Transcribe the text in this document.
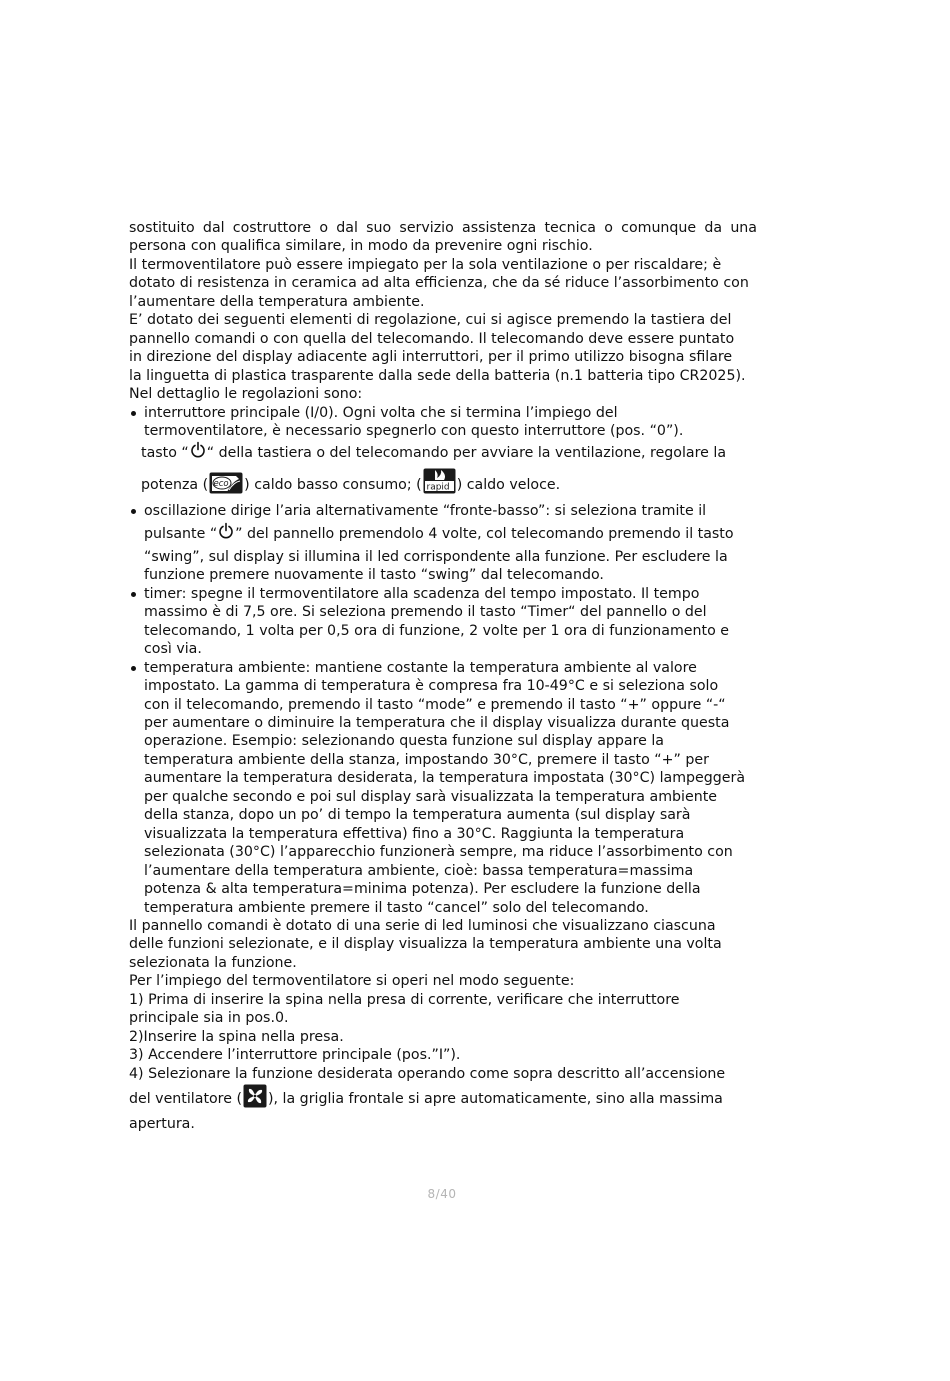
sostituito dal costruttore o dal suo servizio assistenza tecnica o comunque da una
persona con qualifica similare, in modo da prevenire ogni rischio.
Il termoventilatore può essere impiegato per la sola ventilazione o per riscaldare; è
dotato di resistenza in ceramica ad alta efficienza, che da sé riduce l’assorbimento con
l’aumentare della temperatura ambiente.
E’ dotato dei seguenti elementi di regolazione, cui si agisce premendo la tastiera del
pannello comandi o con quella del telecomando. Il telecomando deve essere puntato
in direzione del display adiacente agli interruttori, per il primo utilizzo bisogna sfilare
la linguetta di plastica trasparente dalla sede della batteria (n.1 batteria tipo CR2025).
Nel dettaglio le regolazioni sono:
interruttore principale (I/0). Ogni volta che si termina l’impiego del
termoventilatore, è necessario spegnerlo con questo interruttore (pos. “0”).
tasto “ “ della tastiera o del telecomando per avviare la ventilazione, regolare la
potenza ( eco ) caldo basso consumo; ( rapid ) caldo veloce.
oscillazione dirige l’aria alternativamente “fronte-basso”: si seleziona tramite il
pulsante “ ” del pannello premendolo 4 volte, col telecomando premendo il tasto
“swing”, sul display si illumina il led corrispondente alla funzione. Per escludere la
funzione premere nuovamente il tasto “swing” dal telecomando.
timer: spegne il termoventilatore alla scadenza del tempo impostato. Il tempo
massimo è di 7,5 ore. Si seleziona premendo il tasto “Timer“ del pannello o del
telecomando, 1 volta per 0,5 ora di funzione, 2 volte per 1 ora di funzionamento e
così via.
temperatura ambiente: mantiene costante la temperatura ambiente al valore
impostato. La gamma di temperatura è compresa fra 10-49°C e si seleziona solo
con il telecomando, premendo il tasto “mode” e premendo il tasto “+” oppure “-“
per aumentare o diminuire la temperatura che il display visualizza durante questa
operazione. Esempio: selezionando questa funzione sul display appare la
temperatura ambiente della stanza, impostando 30°C, premere il tasto “+” per
aumentare la temperatura desiderata, la temperatura impostata (30°C) lampeggerà
per qualche secondo e poi sul display sarà visualizzata la temperatura ambiente
della stanza, dopo un po’ di tempo la temperatura aumenta (sul display sarà
visualizzata la temperatura effettiva) fino a 30°C. Raggiunta la temperatura
selezionata (30°C) l’apparecchio funzionerà sempre, ma riduce l’assorbimento con
l’aumentare della temperatura ambiente, cioè: bassa temperatura=massima
potenza & alta temperatura=minima potenza). Per escludere la funzione della
temperatura ambiente premere il tasto “cancel” solo del telecomando.
Il pannello comandi è dotato di una serie di led luminosi che visualizzano ciascuna
delle funzioni selezionate, e il display visualizza la temperatura ambiente una volta
selezionata la funzione.
Per l’impiego del termoventilatore si operi nel modo seguente:
1) Prima di inserire la spina nella presa di corrente, verificare che interruttore
principale sia in pos.0.
2)Inserire la spina nella presa.
3) Accendere l’interruttore principale (pos.”I”).
4) Selezionare la funzione desiderata operando come sopra descritto all’accensione
del ventilatore ( ), la griglia frontale si apre automaticamente, sino alla massima
apertura.
8/40
